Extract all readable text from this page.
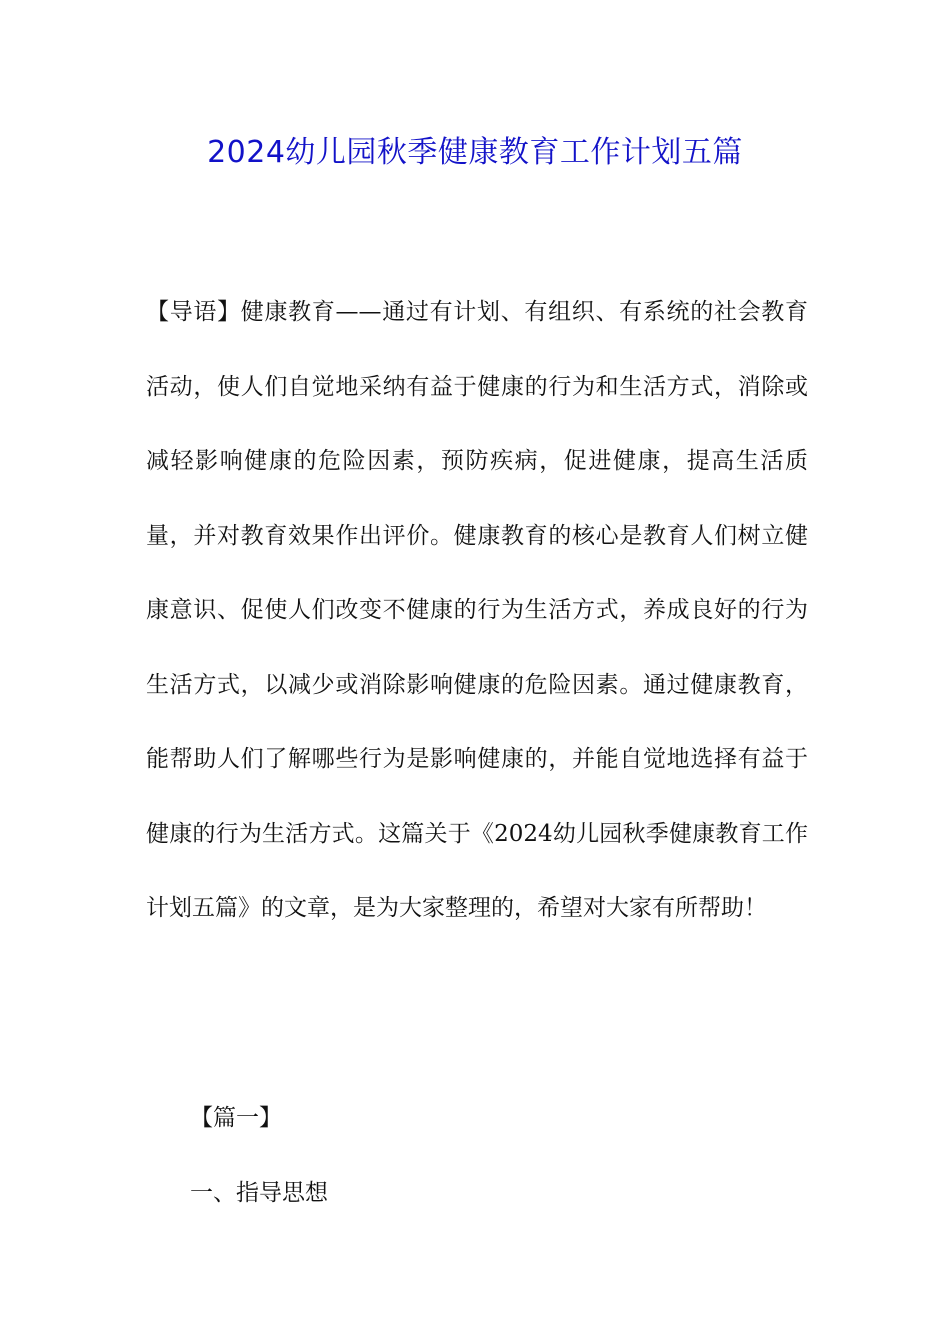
2024幼儿园秋季健康教育工作计划五篇

【导语】健康教育——通过有计划、有组织、有系统的社会教育活动，使人们自觉地采纳有益于健康的行为和生活方式，消除或减轻影响健康的危险因素，预防疾病，促进健康，提高生活质量，并对教育效果作出评价。健康教育的核心是教育人们树立健康意识、促使人们改变不健康的行为生活方式，养成良好的行为生活方式，以减少或消除影响健康的危险因素。通过健康教育，能帮助人们了解哪些行为是影响健康的，并能自觉地选择有益于健康的行为生活方式。这篇关于《2024幼儿园秋季健康教育工作计划五篇》的文章，是为大家整理的，希望对大家有所帮助！

【篇一】
一、指导思想
